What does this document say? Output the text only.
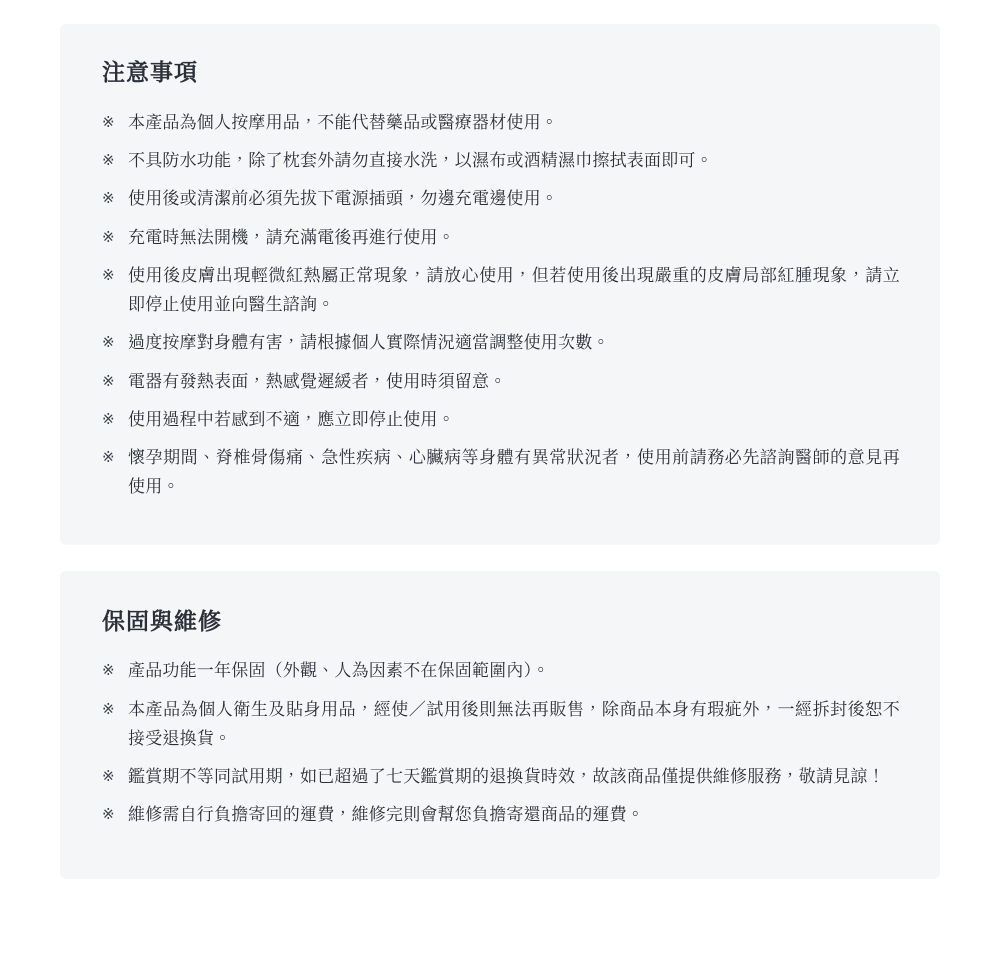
注意事項
※ 本產品為個人按摩用品，不能代替藥品或醫療器材使用。
※ 不具防水功能，除了枕套外請勿直接水洗，以濕布或酒精濕巾擦拭表面即可。
※ 使用後或清潔前必須先拔下電源插頭，勿邊充電邊使用。
※ 充電時無法開機，請充滿電後再進行使用。
※ 使用後皮膚出現輕微紅熱屬正常現象，請放心使用，但若使用後出現嚴重的皮膚局部紅腫現象，請立即停止使用並向醫生諮詢。
※ 過度按摩對身體有害，請根據個人實際情況適當調整使用次數。
※ 電器有發熱表面，熱感覺遲緩者，使用時須留意。
※ 使用過程中若感到不適，應立即停止使用。
※ 懷孕期間、脊椎骨傷痛、急性疾病、心臟病等身體有異常狀況者，使用前請務必先諮詢醫師的意見再使用。
保固與維修
※ 產品功能一年保固（外觀、人為因素不在保固範圍內）。
※ 本產品為個人衛生及貼身用品，經使／試用後則無法再販售，除商品本身有瑕疵外，一經拆封後恕不接受退換貨。
※ 鑑賞期不等同試用期，如已超過了七天鑑賞期的退換貨時效，故該商品僅提供維修服務，敬請見諒！
※ 維修需自行負擔寄回的運費，維修完則會幫您負擔寄還商品的運費。
